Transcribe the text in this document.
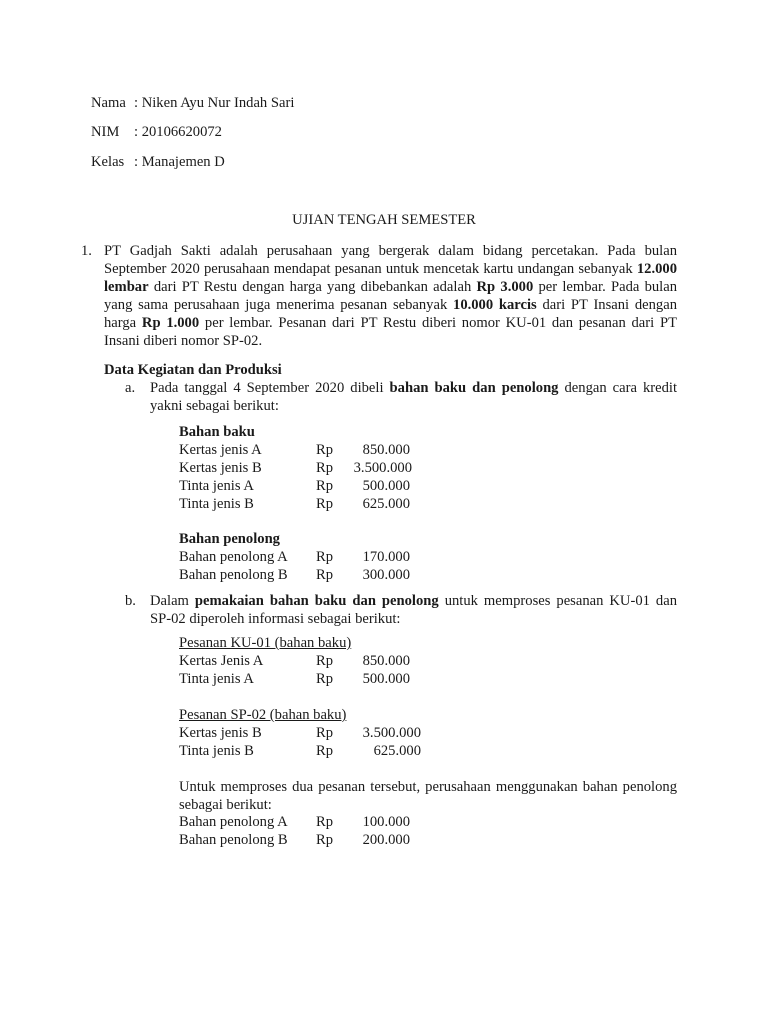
Nama : Niken Ayu Nur Indah Sari
NIM : 20106620072
Kelas : Manajemen D
UJIAN TENGAH SEMESTER
1. PT Gadjah Sakti adalah perusahaan yang bergerak dalam bidang percetakan. Pada bulan September 2020 perusahaan mendapat pesanan untuk mencetak kartu undangan sebanyak 12.000 lembar dari PT Restu dengan harga yang dibebankan adalah Rp 3.000 per lembar. Pada bulan yang sama perusahaan juga menerima pesanan sebanyak 10.000 karcis dari PT Insani dengan harga Rp 1.000 per lembar. Pesanan dari PT Restu diberi nomor KU-01 dan pesanan dari PT Insani diberi nomor SP-02.
Data Kegiatan dan Produksi
a. Pada tanggal 4 September 2020 dibeli bahan baku dan penolong dengan cara kredit yakni sebagai berikut:
Bahan baku
Kertas jenis A	Rp	850.000
Kertas jenis B	Rp	3.500.000
Tinta jenis A	Rp	500.000
Tinta jenis B	Rp	625.000
Bahan penolong
Bahan penolong A Rp	170.000
Bahan penolong B Rp	300.000
b. Dalam pemakaian bahan baku dan penolong untuk memproses pesanan KU-01 dan SP-02 diperoleh informasi sebagai berikut:
Pesanan KU-01 (bahan baku)
Kertas Jenis A	Rp	850.000
Tinta jenis A	Rp	500.000
Pesanan SP-02 (bahan baku)
Kertas jenis B	Rp	3.500.000
Tinta jenis B	Rp	625.000
Untuk memproses dua pesanan tersebut, perusahaan menggunakan bahan penolong sebagai berikut:
Bahan penolong A Rp	100.000
Bahan penolong B Rp	200.000
